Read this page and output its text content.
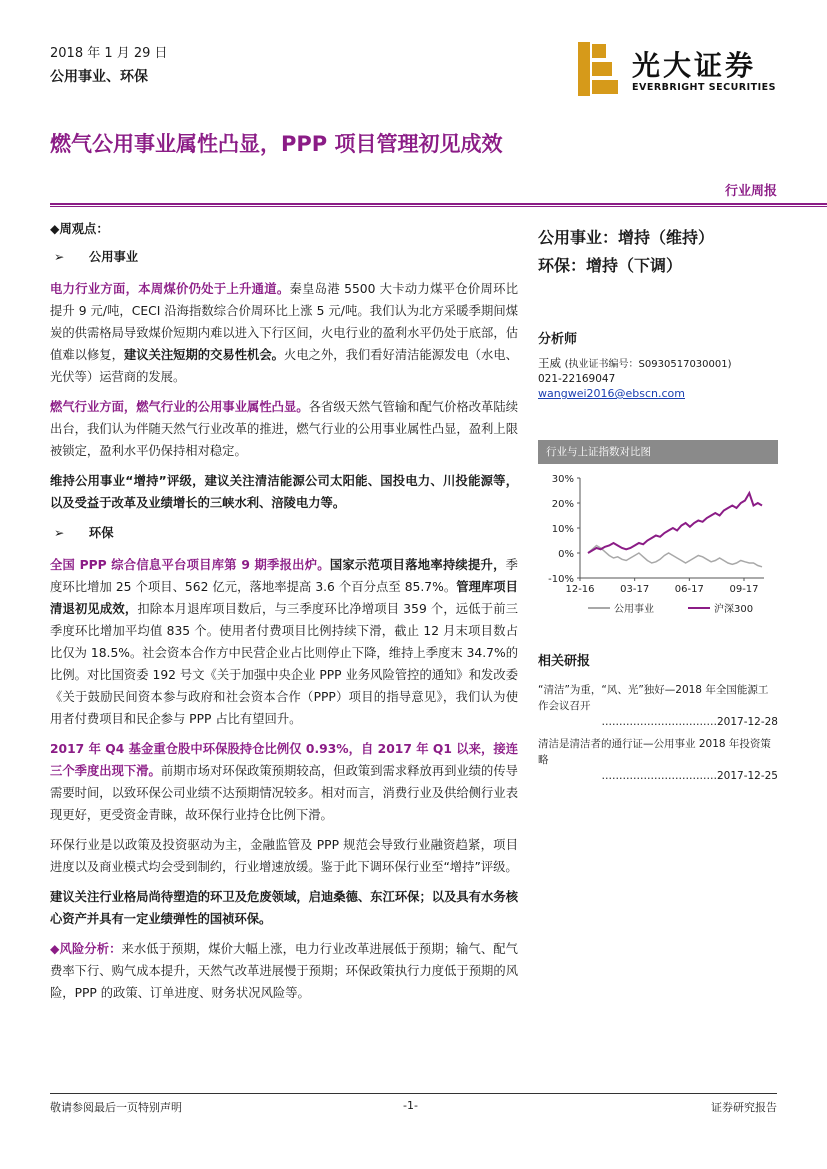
2018 年 1 月 29 日
公用事业、环保	光大证券
EVERBRIGHT SECURITIES
燃气公用事业属性凸显，PPP 项目管理初见成效
行业周报
◆周观点：
➢　　公用事业

电力行业方面，本周煤价仍处于上升通道。秦皇岛港 5500 大卡动力煤平仓价周环比提升 9 元/吨，CECI 沿海指数综合价周环比上涨 5 元/吨。我们认为北方采暖季期间煤炭的供需格局导致煤价短期内难以进入下行区间，火电行业的盈利水平仍处于底部，估值难以修复，建议关注短期的交易性机会。火电之外，我们看好清洁能源发电（水电、光伏等）运营商的发展。

燃气行业方面，燃气行业的公用事业属性凸显。各省级天然气管输和配气价格改革陆续出台，我们认为伴随天然气行业改革的推进，燃气行业的公用事业属性凸显，盈利上限被锁定，盈利水平仍保持相对稳定。

维持公用事业“增持”评级，建议关注清洁能源公司太阳能、国投电力、川投能源等，以及受益于改革及业绩增长的三峡水利、涪陵电力等。

➢　　环保

全国 PPP 综合信息平台项目库第 9 期季报出炉。国家示范项目落地率持续提升，季度环比增加 25 个项目、562 亿元，落地率提高 3.6 个百分点至 85.7%。管理库项目清退初见成效，扣除本月退库项目数后，与三季度环比净增项目 359 个，远低于前三季度环比增加平均值 835 个。使用者付费项目比例持续下滑，截止 12 月末项目数占比仅为 18.5%。社会资本合作方中民营企业占比则停止下降，维持上季度末 34.7%的比例。对比国资委 192 号文《关于加强中央企业 PPP 业务风险管控的通知》和发改委《关于鼓励民间资本参与政府和社会资本合作（PPP）项目的指导意见》，我们认为使用者付费项目和民企参与 PPP 占比有望回升。

2017 年 Q4 基金重仓股中环保股持仓比例仅 0.93%，自 2017 年 Q1 以来，接连三个季度出现下滑。前期市场对环保政策预期较高，但政策到需求释放再到业绩的传导需要时间，以致环保公司业绩不达预期情况较多。相对而言，消费行业及供给侧行业表现更好，更受资金青睐，故环保行业持仓比例下滑。

环保行业是以政策及投资驱动为主，金融监管及 PPP 规范会导致行业融资趋紧，项目进度以及商业模式均会受到制约，行业增速放缓。鉴于此下调环保行业至“增持”评级。

建议关注行业格局尚待塑造的环卫及危废领域，启迪桑德、东江环保；以及具有水务核心资产并具有一定业绩弹性的国祯环保。

◆风险分析：来水低于预期，煤价大幅上涨，电力行业改革进展低于预期；输气、配气费率下行、购气成本提升，天然气改革进展慢于预期；环保政策执行力度低于预期的风险，PPP 的政策、订单进度、财务状况风险等。

公用事业：增持（维持）
环保：增持（下调）
分析师
王威 (执业证书编号：S0930517030001)
021-22169047
wangwei2016@ebscn.com
行业与上证指数对比图
30%
20%
10%
0%
-10%
12-16	03-17	06-17	09-17
公用事业	沪深300
相关研报
“清洁”为重，“风、光”独好—2018 年全国能源工作会议召开
……………………………2017-12-28
清洁是清洁者的通行证—公用事业 2018 年投资策略
……………………………2017-12-25
敬请参阅最后一页特别声明	-1-	证券研究报告
